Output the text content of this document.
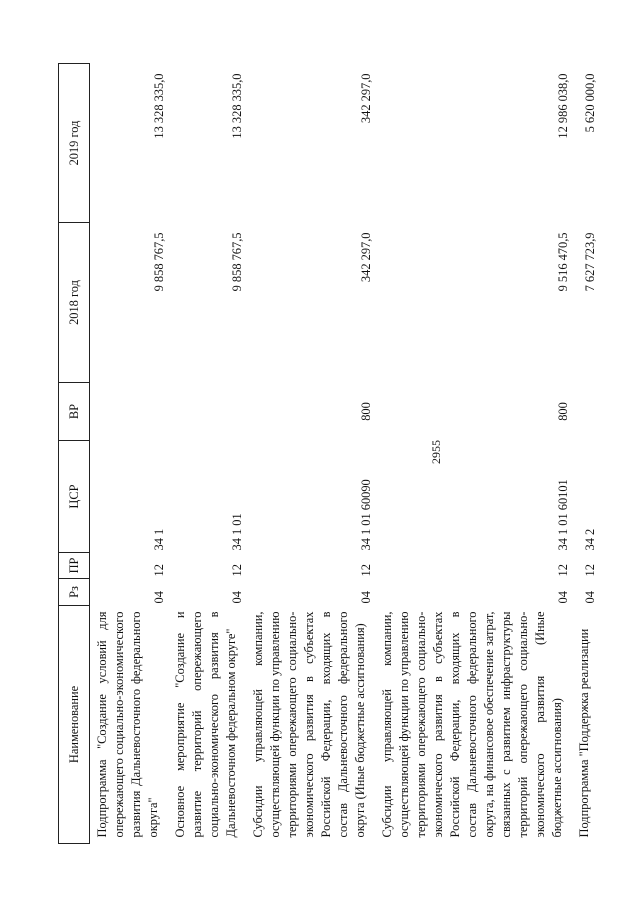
2955
Наименование	Рз	ПР	ЦСР	ВР	2018 год	2019 год
Подпрограмма "Создание условий для опережающего социально-экономического развития Дальневосточного федерального округа"	04	12	34 1		9 858 767,5	13 328 335,0
Основное мероприятие "Создание и развитие территорий опережающего социально-экономического развития в Дальневосточном федеральном округе"	04	12	34 1 01		9 858 767,5	13 328 335,0
Субсидии управляющей компании, осуществляющей функции по управлению территориями опережающего социально-экономического развития в субъектах Российской Федерации, входящих в состав Дальневосточного федерального округа (Иные бюджетные ассигнования)	04	12	34 1 01 60090	800	342 297,0	342 297,0
Субсидии управляющей компании, осуществляющей функции по управлению территориями опережающего социально-экономического развития в субъектах Российской Федерации, входящих в состав Дальневосточного федерального округа, на финансовое обеспечение затрат, связанных с развитием инфраструктуры территорий опережающего социально-экономического развития (Иные бюджетные ассигнования)	04	12	34 1 01 60101	800	9 516 470,5	12 986 038,0
Подпрограмма "Поддержка реализации	04	12	34 2		7 627 723,9	5 620 000,0
